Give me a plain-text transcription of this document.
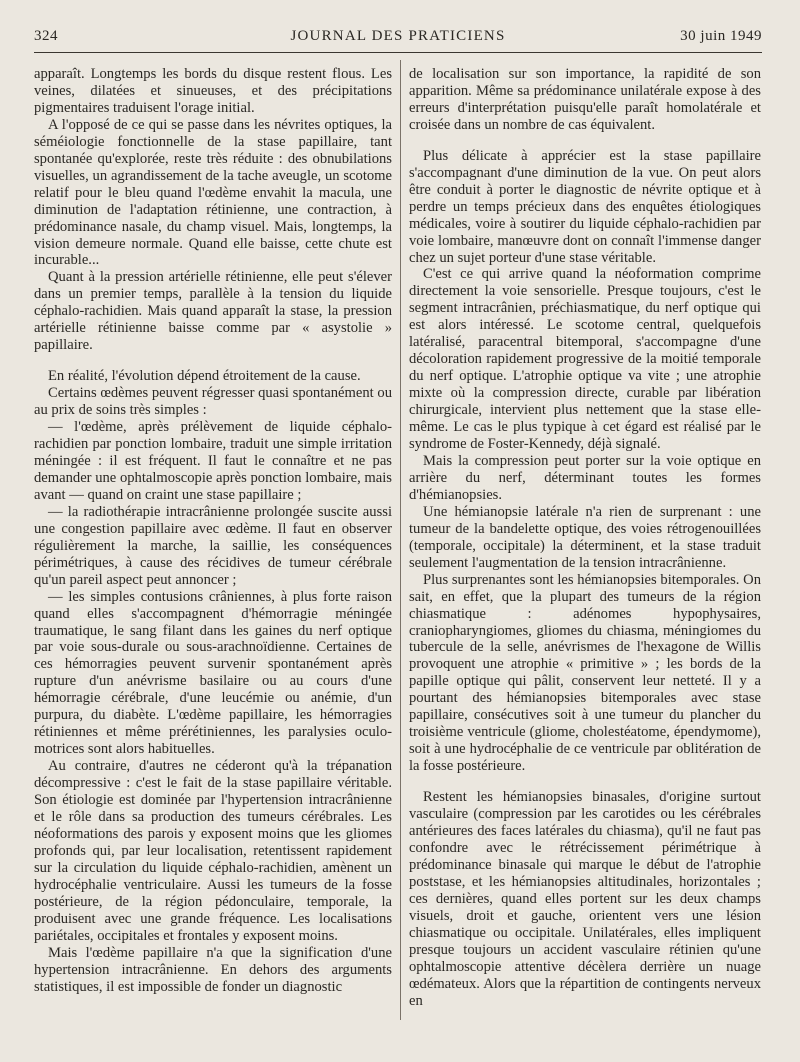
324	JOURNAL DES PRATICIENS	30 juin 1949

apparaît. Longtemps les bords du disque restent flous. Les veines, dilatées et sinueuses, et des précipitations pigmentaires traduisent l'orage initial.

A l'opposé de ce qui se passe dans les névrites optiques, la séméiologie fonctionnelle de la stase papillaire, tant spontanée qu'explorée, reste très réduite : des obnubilations visuelles, un agrandissement de la tache aveugle, un scotome relatif pour le bleu quand l'œdème envahit la macula, une diminution de l'adaptation rétinienne, une contraction, à prédominance nasale, du champ visuel. Mais, longtemps, la vision demeure normale. Quand elle baisse, cette chute est incurable...

Quant à la pression artérielle rétinienne, elle peut s'élever dans un premier temps, parallèle à la tension du liquide céphalo-rachidien. Mais quand apparaît la stase, la pression artérielle rétinienne baisse comme par « asystolie » papillaire.

En réalité, l'évolution dépend étroitement de la cause.

Certains œdèmes peuvent régresser quasi spontanément ou au prix de soins très simples :

— l'œdème, après prélèvement de liquide céphalo-rachidien par ponction lombaire, traduit une simple irritation méningée : il est fréquent. Il faut le connaître et ne pas demander une ophtalmoscopie après ponction lombaire, mais avant — quand on craint une stase papillaire ;

— la radiothérapie intracrânienne prolongée suscite aussi une congestion papillaire avec œdème. Il faut en observer régulièrement la marche, la saillie, les conséquences périmétriques, à cause des récidives de tumeur cérébrale qu'un pareil aspect peut annoncer ;

— les simples contusions crâniennes, à plus forte raison quand elles s'accompagnent d'hémorragie méningée traumatique, le sang filant dans les gaines du nerf optique par voie sous-durale ou sous-arachnoïdienne. Certaines de ces hémorragies peuvent survenir spontanément après rupture d'un anévrisme basilaire ou au cours d'une hémorragie cérébrale, d'une leucémie ou anémie, d'un purpura, du diabète. L'œdème papillaire, les hémorragies rétiniennes et même prérétiniennes, les paralysies oculo-motrices sont alors habituelles.

Au contraire, d'autres ne céderont qu'à la trépanation décompressive : c'est le fait de la stase papillaire véritable. Son étiologie est dominée par l'hypertension intracrânienne et le rôle dans sa production des tumeurs cérébrales. Les néoformations des parois y exposent moins que les gliomes profonds qui, par leur localisation, retentissent rapidement sur la circulation du liquide céphalo-rachidien, amènent un hydrocéphalie ventriculaire. Aussi les tumeurs de la fosse postérieure, de la région pédonculaire, temporale, la produisent avec une grande fréquence. Les localisations pariétales, occipitales et frontales y exposent moins.

Mais l'œdème papillaire n'a que la signification d'une hypertension intracrânienne. En dehors des arguments statistiques, il est impossible de fonder un diagnostic

de localisation sur son importance, la rapidité de son apparition. Même sa prédominance unilatérale expose à des erreurs d'interprétation puisqu'elle paraît homolatérale et croisée dans un nombre de cas équivalent.

Plus délicate à apprécier est la stase papillaire s'accompagnant d'une diminution de la vue. On peut alors être conduit à porter le diagnostic de névrite optique et à perdre un temps précieux dans des enquêtes étiologiques médicales, voire à soutirer du liquide céphalo-rachidien par voie lombaire, manœuvre dont on connaît l'immense danger chez un sujet porteur d'une stase véritable.

C'est ce qui arrive quand la néoformation comprime directement la voie sensorielle. Presque toujours, c'est le segment intracrânien, préchiasmatique, du nerf optique qui est alors intéressé. Le scotome central, quelquefois latéralisé, paracentral bitemporal, s'accompagne d'une décoloration rapidement progressive de la moitié temporale du nerf optique. L'atrophie optique va vite ; une atrophie mixte où la compression directe, curable par libération chirurgicale, intervient plus nettement que la stase elle-même. Le cas le plus typique à cet égard est réalisé par le syndrome de Foster-Kennedy, déjà signalé.

Mais la compression peut porter sur la voie optique en arrière du nerf, déterminant toutes les formes d'hémianopsies.

Une hémianopsie latérale n'a rien de surprenant : une tumeur de la bandelette optique, des voies rétrogenouillées (temporale, occipitale) la déterminent, et la stase traduit seulement l'augmentation de la tension intracrânienne.

Plus surprenantes sont les hémianopsies bitemporales. On sait, en effet, que la plupart des tumeurs de la région chiasmatique : adénomes hypophysaires, craniopharyngiomes, gliomes du chiasma, méningiomes du tubercule de la selle, anévrismes de l'hexagone de Willis provoquent une atrophie « primitive » ; les bords de la papille optique qui pâlit, conservent leur netteté. Il y a pourtant des hémianopsies bitemporales avec stase papillaire, consécutives soit à une tumeur du plancher du troisième ventricule (gliome, cholestéatome, épendymome), soit à une hydrocéphalie de ce ventricule par oblitération de la fosse postérieure.

Restent les hémianopsies binasales, d'origine surtout vasculaire (compression par les carotides ou les cérébrales antérieures des faces latérales du chiasma), qu'il ne faut pas confondre avec le rétrécissement périmétrique à prédominance binasale qui marque le début de l'atrophie poststase, et les hémianopsies altitudinales, horizontales ; ces dernières, quand elles portent sur les deux champs visuels, droit et gauche, orientent vers une lésion chiasmatique ou occipitale. Unilatérales, elles impliquent presque toujours un accident vasculaire rétinien qu'une ophtalmoscopie attentive décèlera derrière un nuage œdémateux. Alors que la répartition de contingents nerveux en
